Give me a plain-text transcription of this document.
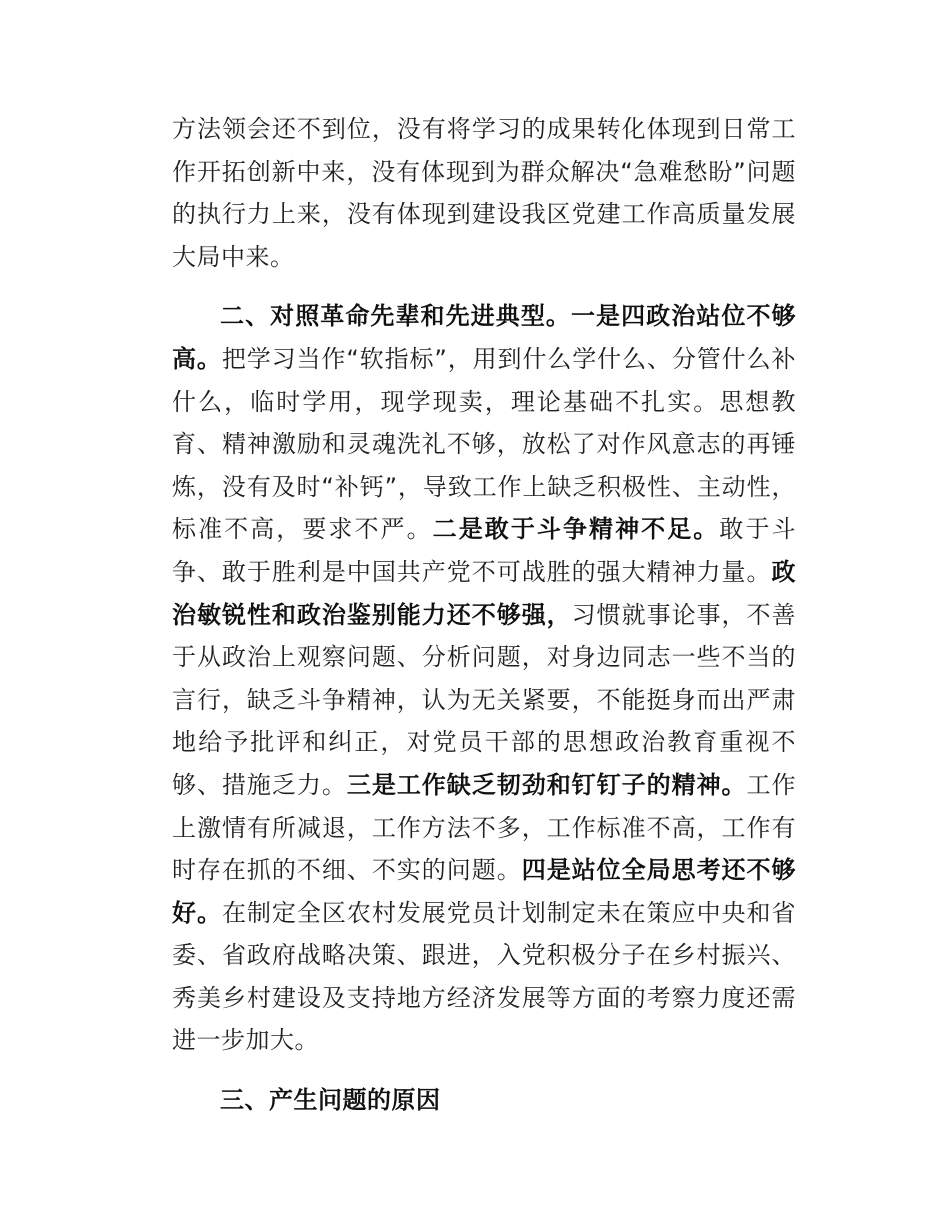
方法领会还不到位，没有将学习的成果转化体现到日常工作开拓创新中来，没有体现到为群众解决“急难愁盼”问题的执行力上来，没有体现到建设我区党建工作高质量发展大局中来。

二、对照革命先辈和先进典型。一是四政治站位不够高。把学习当作“软指标”，用到什么学什么、分管什么补什么，临时学用，现学现卖，理论基础不扎实。思想教育、精神激励和灵魂洗礼不够，放松了对作风意志的再锤炼，没有及时“补钙”，导致工作上缺乏积极性、主动性，标准不高，要求不严。二是敢于斗争精神不足。敢于斗争、敢于胜利是中国共产党不可战胜的强大精神力量。政治敏锐性和政治鉴别能力还不够强，习惯就事论事，不善于从政治上观察问题、分析问题，对身边同志一些不当的言行，缺乏斗争精神，认为无关紧要，不能挺身而出严肃地给予批评和纠正，对党员干部的思想政治教育重视不够、措施乏力。三是工作缺乏韧劲和钉钉子的精神。工作上激情有所减退，工作方法不多，工作标准不高，工作有时存在抓的不细、不实的问题。四是站位全局思考还不够好。在制定全区农村发展党员计划制定未在策应中央和省委、省政府战略决策、跟进，入党积极分子在乡村振兴、秀美乡村建设及支持地方经济发展等方面的考察力度还需进一步加大。

三、产生问题的原因
